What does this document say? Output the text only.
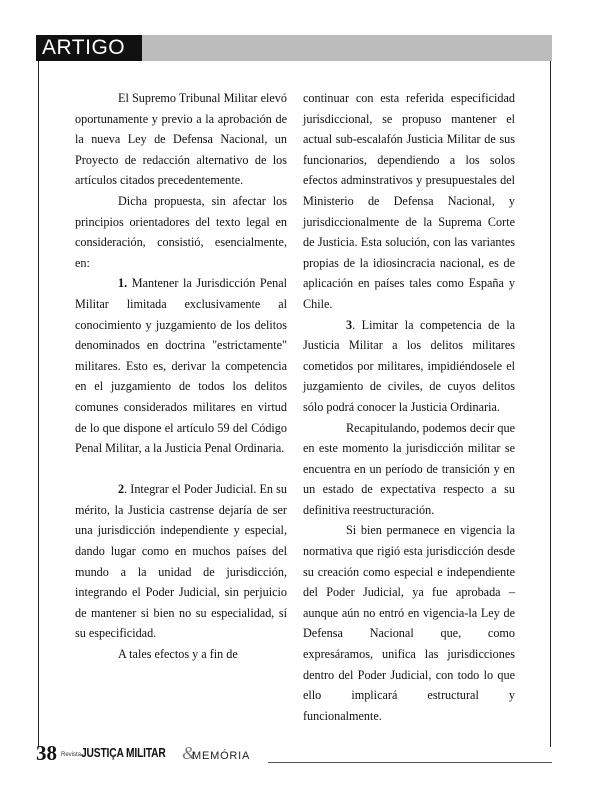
ARTIGO

El Supremo Tribunal Militar elevó oportunamente y previo a la aprobación de la nueva Ley de Defensa Nacional, un Proyecto de redacción alternativo de los artículos citados precedentemente.

Dicha propuesta, sin afectar los principios orientadores del texto legal en consideración, consistió, esencialmente, en:

1. Mantener la Jurisdicción Penal Militar limitada exclusivamente al conocimiento y juzgamiento de los delitos denominados en doctrina "estrictamente" militares. Esto es, derivar la competencia en el juzgamiento de todos los delitos comunes considerados militares en virtud de lo que dispone el artículo 59 del Código Penal Militar, a la Justicia Penal Ordinaria.

2. Integrar el Poder Judicial. En su mérito, la Justicia castrense dejaría de ser una jurisdicción independiente y especial, dando lugar como en muchos países del mundo a la unidad de jurisdicción, integrando el Poder Judicial, sin perjuicio de mantener si bien no su especialidad, sí su especificidad.

A tales efectos y a fin de

continuar con esta referida especificidad jurisdiccional, se propuso mantener el actual sub-escalafón Justicia Militar de sus funcionarios, dependiendo a los solos efectos adminstrativos y presupuestales del Ministerio de Defensa Nacional, y jurisdiccionalmente de la Suprema Corte de Justicia. Esta solución, con las variantes propias de la idiosincracia nacional, es de aplicación en países tales como España y Chile.

3. Limitar la competencia de la Justicia Militar a los delitos militares cometidos por militares, impidiéndosele el juzgamiento de civiles, de cuyos delitos sólo podrá conocer la Justicia Ordinaria.

Recapitulando, podemos decir que en este momento la jurisdicción militar se encuentra en un período de transición y en un estado de expectativa respecto a su definitiva reestructuración.

Si bien permanece en vigencia la normativa que rigió esta jurisdicción desde su creación como especial e independiente del Poder Judicial, ya fue aprobada – aunque aún no entró en vigencia-la Ley de Defensa Nacional que, como expresáramos, unifica las jurisdicciones dentro del Poder Judicial, con todo lo que ello implicará estructural y funcionalmente.

38 Revista JUSTIÇA MILITAR &
MEMÓRIA
